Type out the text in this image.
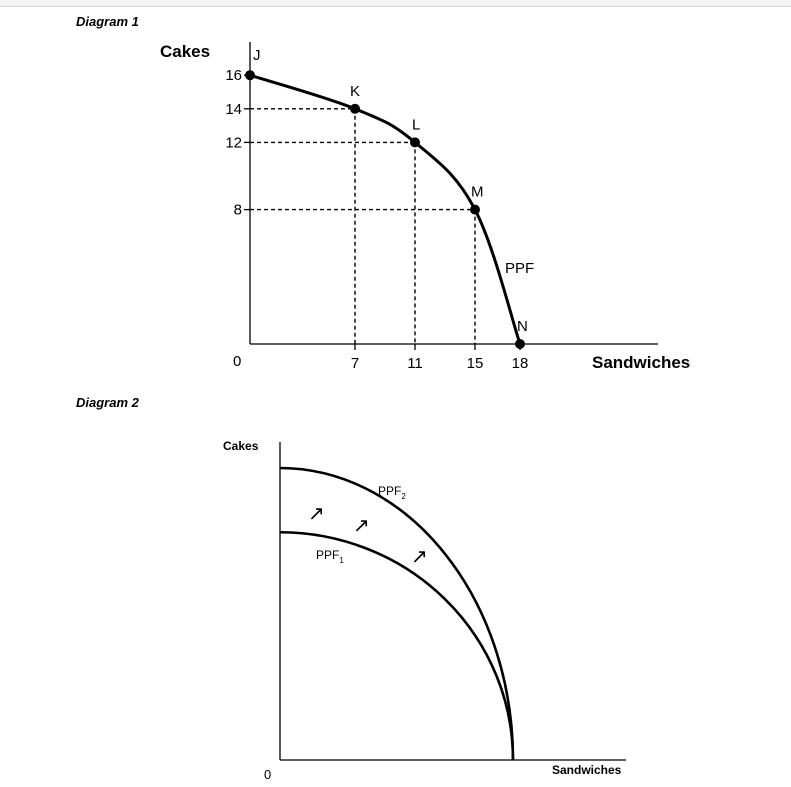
Diagram 1
Diagram 2
Cakes
Sandwiches
0
J
K
L
M
N
16
14
12
8
7	11	15 18
PPF
Cakes
Sandwiches
0
$PPF_1$
$PPF_2$
↗
↗
↗
